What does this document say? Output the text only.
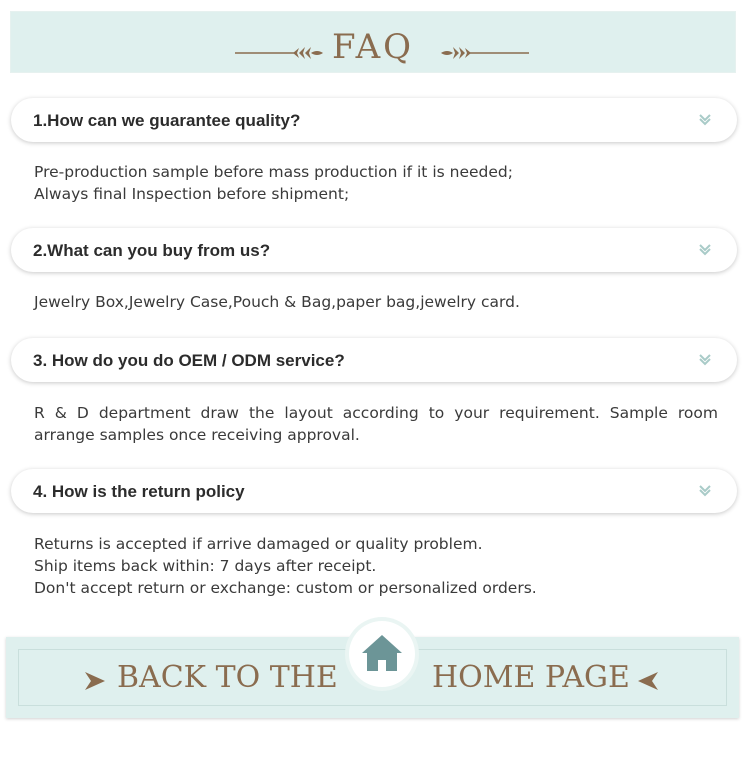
FAQ
1.How can we guarantee quality?
Pre-production sample before mass production if it is needed;
Always final Inspection before shipment;
2.What can you buy from us?
Jewelry Box,Jewelry Case,Pouch & Bag,paper bag,jewelry card.
3. How do you do OEM / ODM service?
R & D department draw the layout according to your requirement. Sample room
arrange samples once receiving approval.
4. How is the return policy
Returns is accepted if arrive damaged or quality problem.
Ship items back within: 7 days after receipt.
Don't accept return or exchange: custom or personalized orders.
BACK TO THE	HOME PAGE
